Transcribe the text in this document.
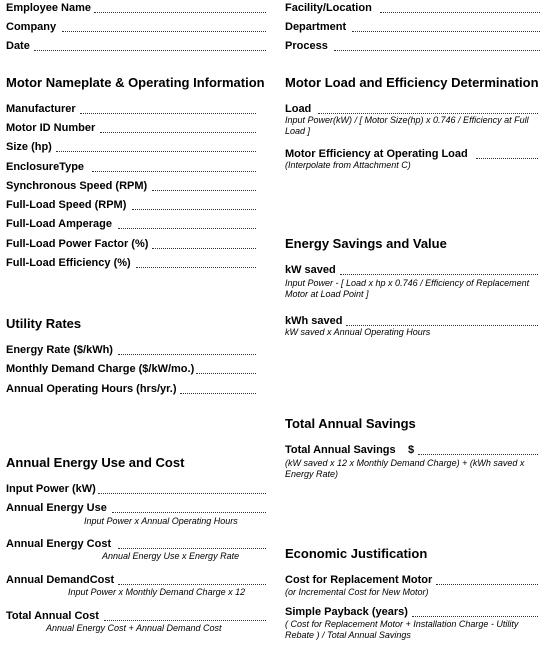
Employee Name
Company
Date
Facility/Location
Department
Process
Motor Nameplate & Operating Information
Manufacturer
Motor ID Number
Size (hp)
EnclosureType
Synchronous Speed (RPM)
Full-Load Speed (RPM)
Full-Load Amperage
Full-Load Power Factor (%)
Full-Load Efficiency (%)
Utility Rates
Energy Rate ($/kWh)
Monthly Demand Charge ($/kW/mo.)
Annual Operating Hours (hrs/yr.)
Annual Energy Use and Cost
Input Power (kW)
Annual Energy Use
Input Power x Annual Operating Hours
Annual Energy Cost
Annual Energy Use x Energy Rate
Annual DemandCost
Input Power x Monthly Demand Charge x 12
Total Annual Cost
Annual Energy Cost + Annual Demand Cost
Motor Load and Efficiency Determination
Load
Input Power(kW) / [ Motor Size(hp) x 0.746 / Efficiency at Full Load ]
Motor Efficiency at Operating Load
(Interpolate from Attachment C)
Energy Savings and Value
kW saved
Input Power - [ Load x hp x 0.746 / Efficiency of Replacement Motor at Load Point ]
kWh saved
kW saved x Annual Operating Hours
Total Annual Savings
Total Annual Savings $
(kW saved x 12 x Monthly Demand Charge) + (kWh saved x Energy Rate)
Economic Justification
Cost for Replacement Motor
(or Incremental Cost for New Motor)
Simple Payback (years)
( Cost for Replacement Motor + Installation Charge - Utility Rebate ) / Total Annual Savings
